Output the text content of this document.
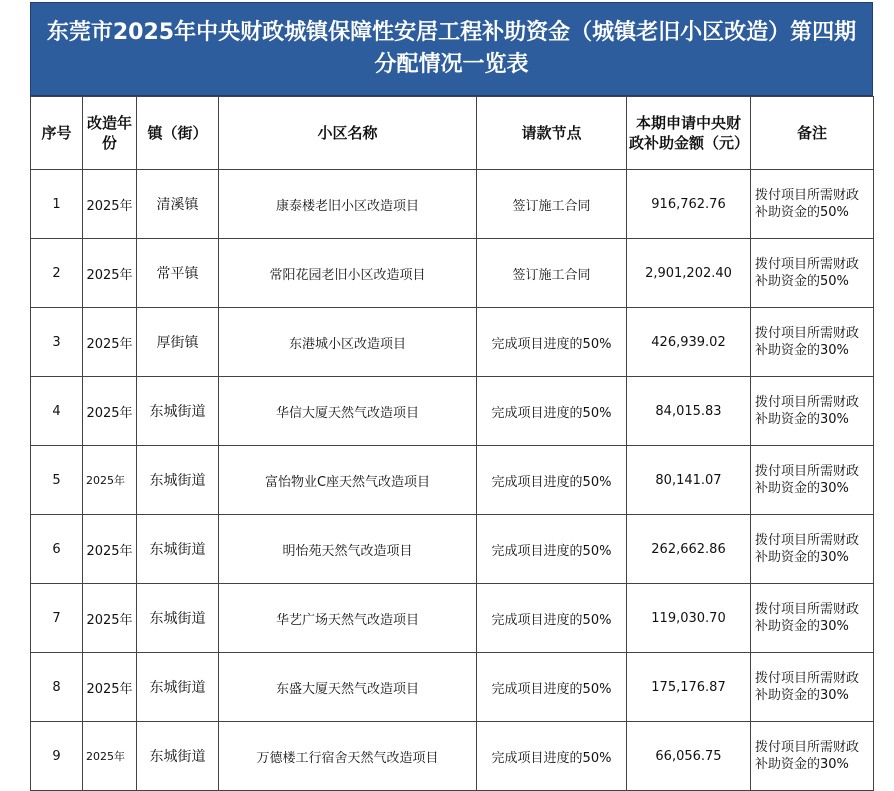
东莞市2025年中央财政城镇保障性安居工程补助资金（城镇老旧小区改造）第四期分配情况一览表
序号	改造年份	镇（街）	小区名称	请款节点	本期申请中央财政补助金额（元）	备注
1	2025年	清溪镇	康泰楼老旧小区改造项目	签订施工合同	916,762.76	拨付项目所需财政补助资金的50%
2	2025年	常平镇	常阳花园老旧小区改造项目	签订施工合同	2,901,202.40	拨付项目所需财政补助资金的50%
3	2025年	厚街镇	东港城小区改造项目	完成项目进度的50%	426,939.02	拨付项目所需财政补助资金的30%
4	2025年	东城街道	华信大厦天然气改造项目	完成项目进度的50%	84,015.83	拨付项目所需财政补助资金的30%
5	2025年	东城街道	富怡物业C座天然气改造项目	完成项目进度的50%	80,141.07	拨付项目所需财政补助资金的30%
6	2025年	东城街道	明怡苑天然气改造项目	完成项目进度的50%	262,662.86	拨付项目所需财政补助资金的30%
7	2025年	东城街道	华艺广场天然气改造项目	完成项目进度的50%	119,030.70	拨付项目所需财政补助资金的30%
8	2025年	东城街道	东盛大厦天然气改造项目	完成项目进度的50%	175,176.87	拨付项目所需财政补助资金的30%
9	2025年	东城街道	万德楼工行宿舍天然气改造项目	完成项目进度的50%	66,056.75	拨付项目所需财政补助资金的30%
